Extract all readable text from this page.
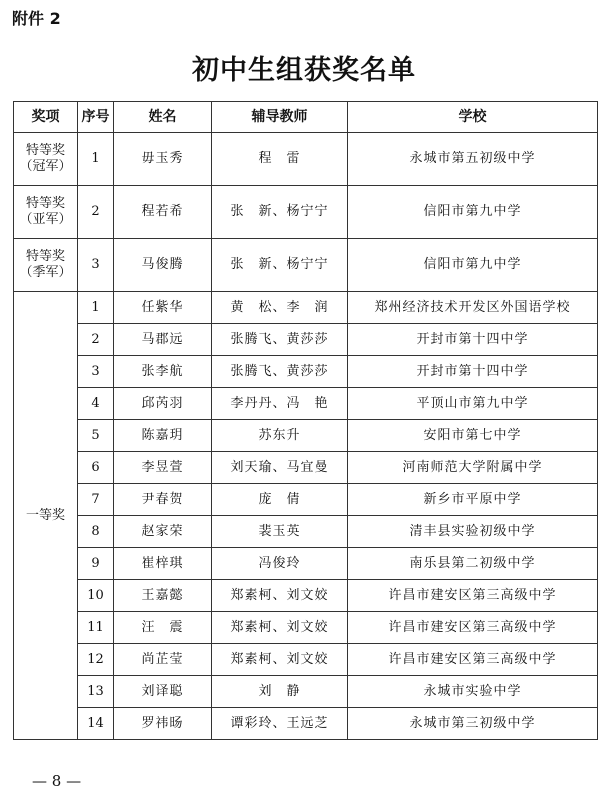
附件 2
初中生组获奖名单
奖项	序号	姓名	辅导教师	学校

特等奖
（冠军）	1	毋玉秀	程　雷	永城市第五初级中学

特等奖
（亚军）	2	程若希	张　新、杨宁宁	信阳市第九中学

特等奖
（季军）	3	马俊腾	张　新、杨宁宁	信阳市第九中学
一等奖	1	任紫华	黄　松、李　润	郑州经济技术开发区外国语学校
	2	马郡远	张腾飞、黄莎莎	开封市第十四中学
	3	张李航	张腾飞、黄莎莎	开封市第十四中学
	4	邱芮羽	李丹丹、冯　艳	平顶山市第九中学
	5	陈嘉玥	苏东升	安阳市第七中学
	6	李昱萱	刘天瑜、马宜曼	河南师范大学附属中学
	7	尹春贺	庞　倩	新乡市平原中学
	8	赵家荣	裴玉英	清丰县实验初级中学
	9	崔梓琪	冯俊玲	南乐县第二初级中学
	10	王嘉懿	郑素柯、刘文姣	许昌市建安区第三高级中学
	11	汪　震	郑素柯、刘文姣	许昌市建安区第三高级中学
	12	尚芷莹	郑素柯、刘文姣	许昌市建安区第三高级中学
	13	刘译聪	刘　静	永城市实验中学
	14	罗祎旸	谭彩玲、王远芝	永城市第三初级中学
— 8 —
